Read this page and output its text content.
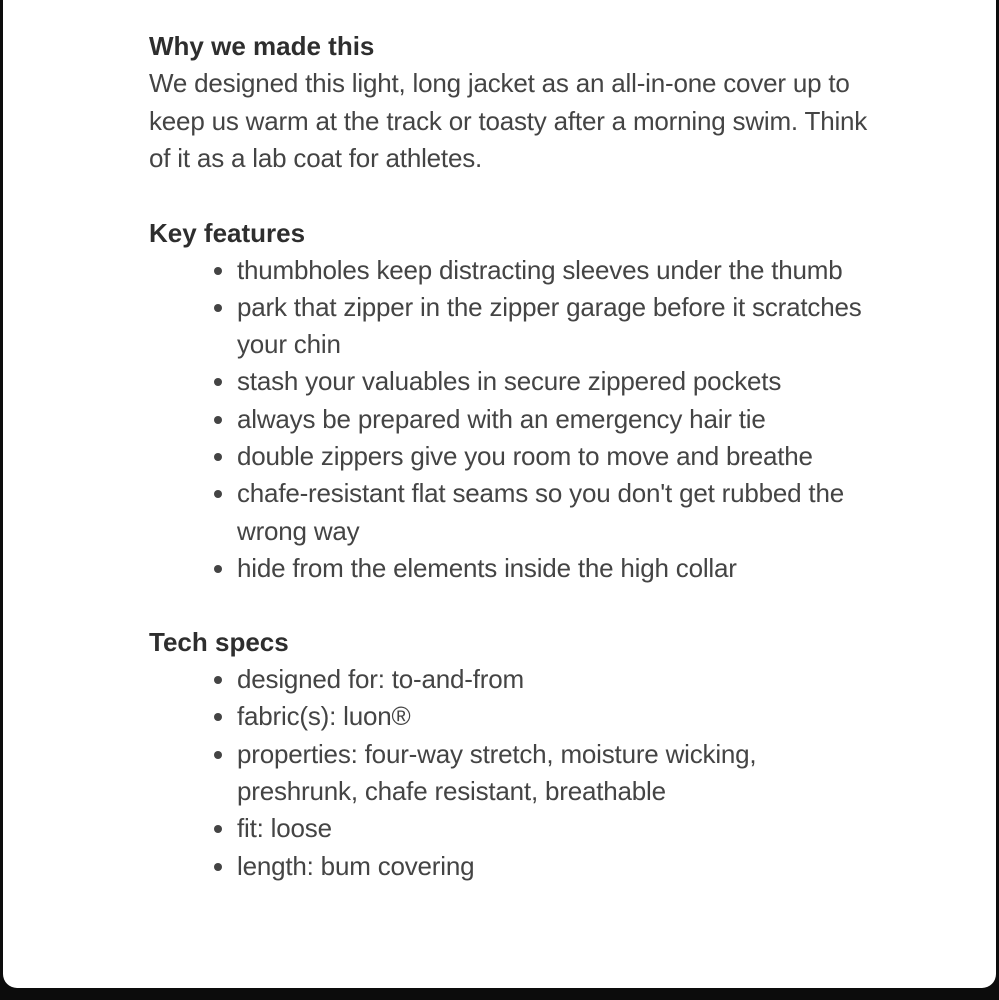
Why we made this

We designed this light, long jacket as an all-in-one cover up to keep us warm at the track or toasty after a morning swim. Think of it as a lab coat for athletes.

Key features
thumbholes keep distracting sleeves under the thumb
park that zipper in the zipper garage before it scratches your chin
stash your valuables in secure zippered pockets
always be prepared with an emergency hair tie
double zippers give you room to move and breathe
chafe-resistant flat seams so you don't get rubbed the wrong way
hide from the elements inside the high collar
Tech specs
designed for: to-and-from
fabric(s): luon®
properties: four-way stretch, moisture wicking, preshrunk, chafe resistant, breathable
fit: loose
length: bum covering
